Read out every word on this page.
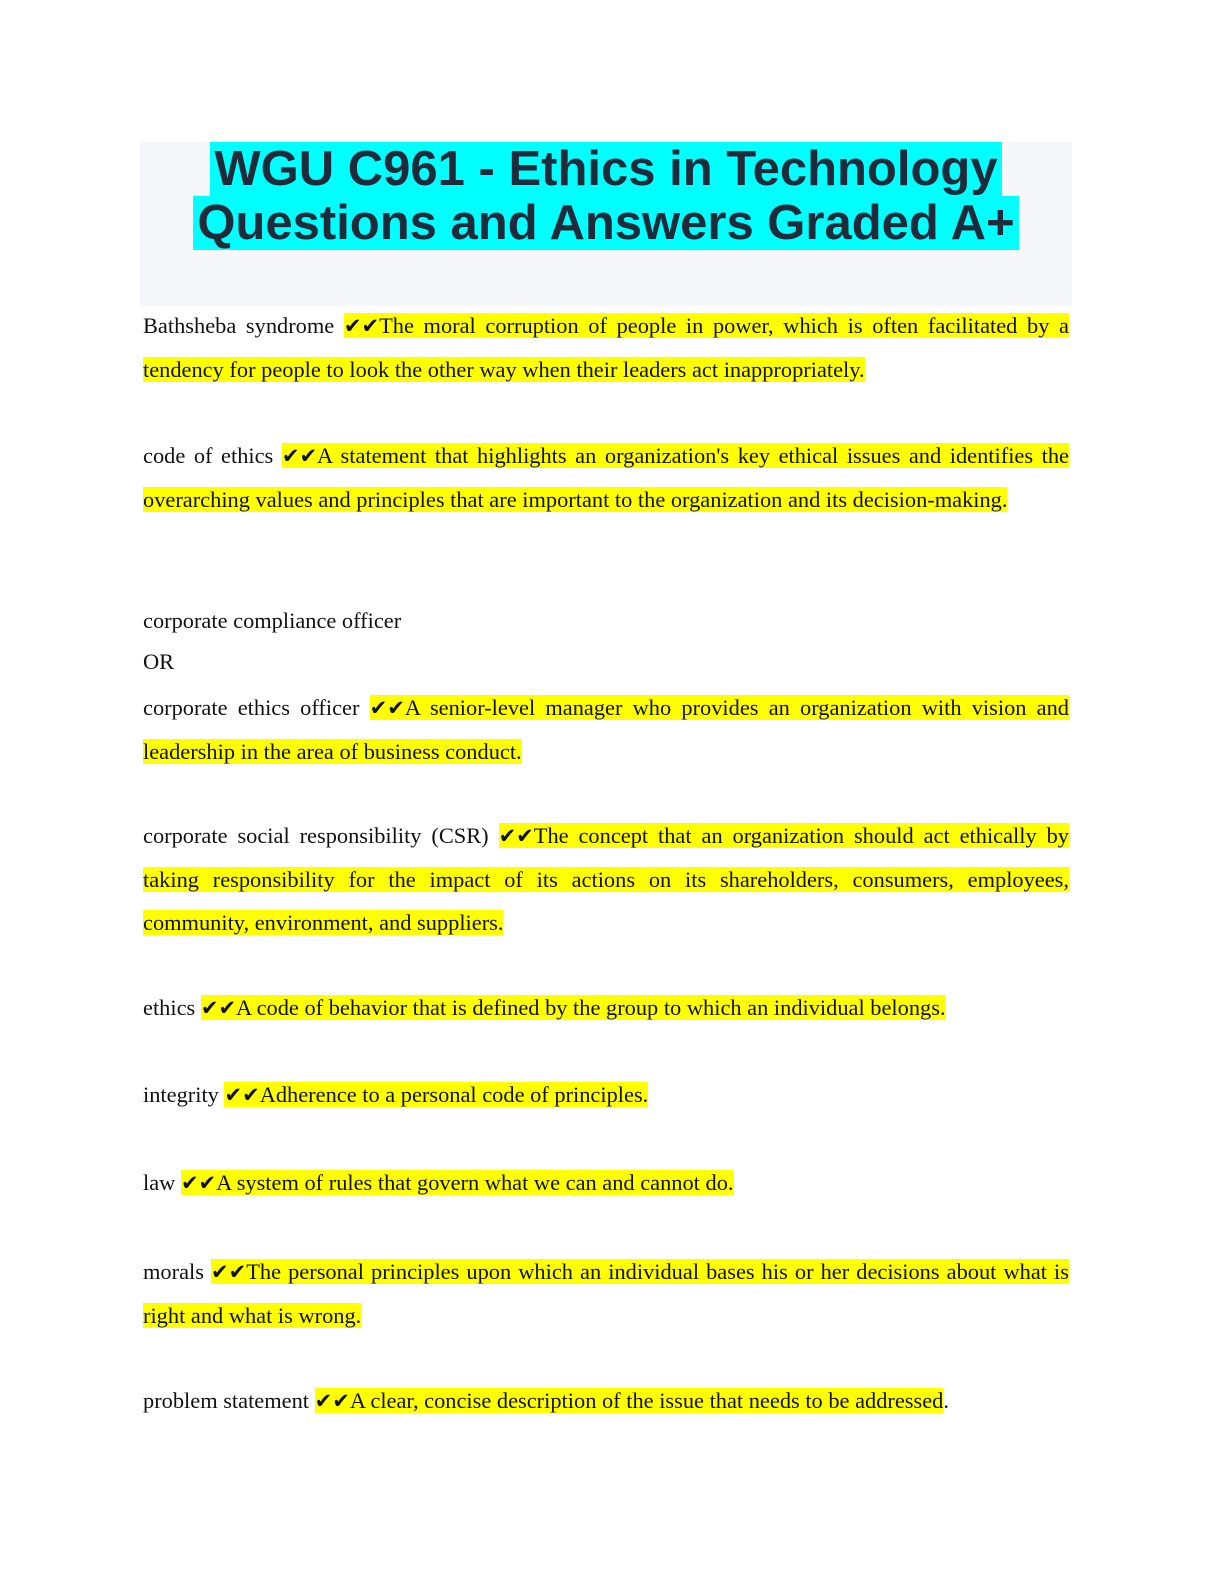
WGU C961 - Ethics in Technology
Questions and Answers Graded A+
Bathsheba syndrome ✔✔The moral corruption of people in power, which is often facilitated by a tendency for people to look the other way when their leaders act inappropriately.
code of ethics ✔✔A statement that highlights an organization's key ethical issues and identifies the overarching values and principles that are important to the organization and its decision-making.
corporate compliance officer
OR
corporate ethics officer ✔✔A senior-level manager who provides an organization with vision and leadership in the area of business conduct.
corporate social responsibility (CSR) ✔✔The concept that an organization should act ethically by taking responsibility for the impact of its actions on its shareholders, consumers, employees, community, environment, and suppliers.
ethics ✔✔A code of behavior that is defined by the group to which an individual belongs.
integrity ✔✔Adherence to a personal code of principles.
law ✔✔A system of rules that govern what we can and cannot do.
morals ✔✔The personal principles upon which an individual bases his or her decisions about what is right and what is wrong.
problem statement ✔✔A clear, concise description of the issue that needs to be addressed.
